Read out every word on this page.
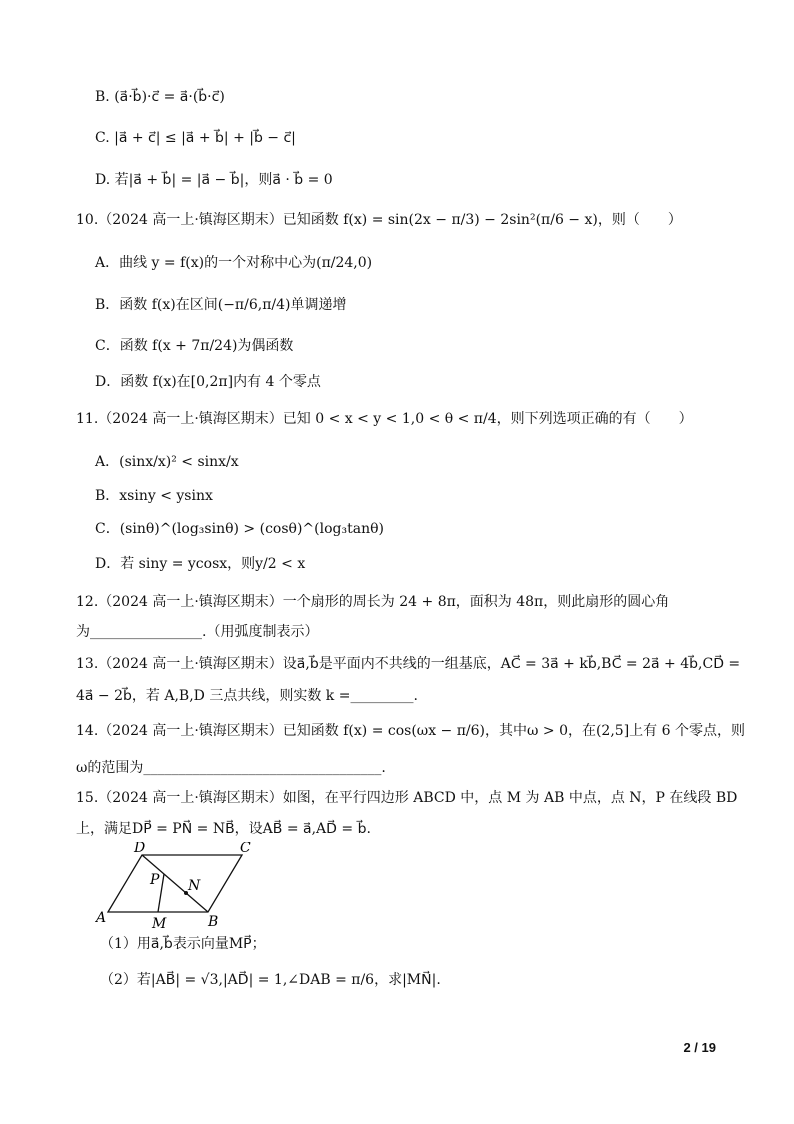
B. (a⃗·b⃗)·c⃗ = a⃗·(b⃗·c⃗)
C. |a⃗ + c⃗| ≤ |a⃗ + b⃗| + |b⃗ − c⃗|
D. 若|a⃗ + b⃗| = |a⃗ − b⃗|，则a⃗ · b⃗ = 0
10.（2024 高一上·镇海区期末）已知函数 f(x) = sin(2x − π/3) − 2sin²(π/6 − x)，则（　　）
A．曲线 y = f(x)的一个对称中心为(π/24,0)
B．函数 f(x)在区间(−π/6,π/4)单调递增
C．函数 f(x + 7π/24)为偶函数
D．函数 f(x)在[0,2π]内有 4 个零点
11.（2024 高一上·镇海区期末）已知 0 < x < y < 1,0 < θ < π/4，则下列选项正确的有（　　）
A．(sinx/x)² < sinx/x
B．xsiny < ysinx
C．(sinθ)^(log₃sinθ) > (cosθ)^(log₃tanθ)
D．若 siny = ycosx，则y/2 < x
12.（2024 高一上·镇海区期末）一个扇形的周长为 24 + 8π，面积为 48π，则此扇形的圆心角
为________________.（用弧度制表示）
13.（2024 高一上·镇海区期末）设a⃗,b⃗是平面内不共线的一组基底，AC⃗ = 3a⃗ + kb⃗,BC⃗ = 2a⃗ + 4b⃗,CD⃗ =
4a⃗ − 2b⃗，若 A,B,D 三点共线，则实数 k =_________.
14.（2024 高一上·镇海区期末）已知函数 f(x) = cos(ωx − π/6)，其中ω > 0，在(2,5]上有 6 个零点，则
ω的范围为__________________________________.
15.（2024 高一上·镇海区期末）如图，在平行四边形 ABCD 中，点 M 为 AB 中点，点 N，P 在线段 BD
上，满足DP⃗ = PN⃗ = NB⃗，设AB⃗ = a⃗,AD⃗ = b⃗.
A	B
C
D
M
N
P
（1）用a⃗,b⃗表示向量MP⃗；
（2）若|AB⃗| = √3,|AD⃗| = 1,∠DAB = π/6，求|MN⃗|.
2 / 19
